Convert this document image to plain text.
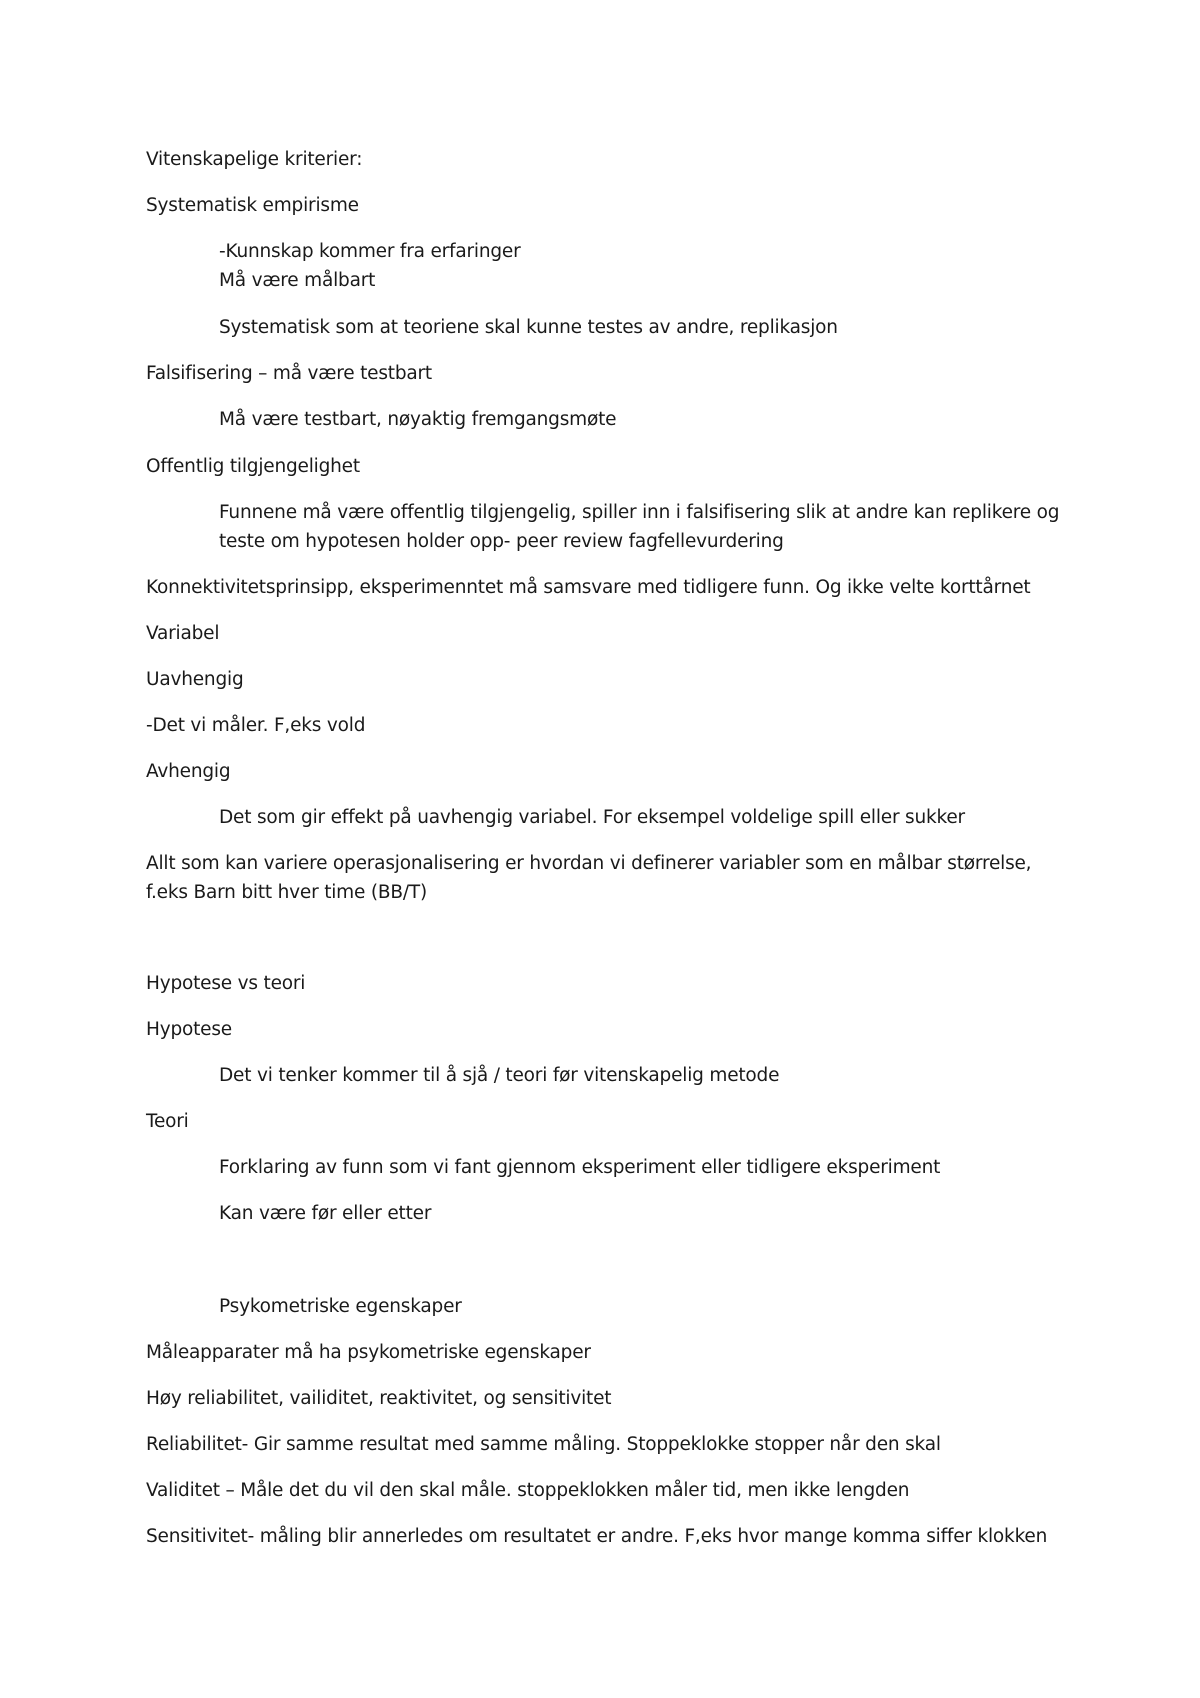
Vitenskapelige kriterier:
Systematisk empirisme
-Kunnskap kommer fra erfaringer
Må være målbart
Systematisk som at teoriene skal kunne testes av andre, replikasjon
Falsifisering – må være testbart
Må være testbart, nøyaktig fremgangsmøte
Offentlig tilgjengelighet
Funnene må være offentlig tilgjengelig, spiller inn i falsifisering slik at andre kan replikere og
teste om hypotesen holder opp- peer review fagfellevurdering
Konnektivitetsprinsipp, eksperimenntet må samsvare med tidligere funn. Og ikke velte korttårnet
Variabel
Uavhengig
-Det vi måler. F,eks vold
Avhengig
Det som gir effekt på uavhengig variabel. For eksempel voldelige spill eller sukker
Allt som kan variere operasjonalisering er hvordan vi definerer variabler som en målbar størrelse,
f.eks Barn bitt hver time (BB/T)
Hypotese vs teori
Hypotese
Det vi tenker kommer til å sjå / teori før vitenskapelig metode
Teori
Forklaring av funn som vi fant gjennom eksperiment eller tidligere eksperiment
Kan være før eller etter
Psykometriske egenskaper
Måleapparater må ha psykometriske egenskaper
Høy reliabilitet, vailiditet, reaktivitet, og sensitivitet
Reliabilitet- Gir samme resultat med samme måling. Stoppeklokke stopper når den skal
Validitet – Måle det du vil den skal måle. stoppeklokken måler tid, men ikke lengden
Sensitivitet- måling blir annerledes om resultatet er andre. F,eks hvor mange komma siffer klokken
